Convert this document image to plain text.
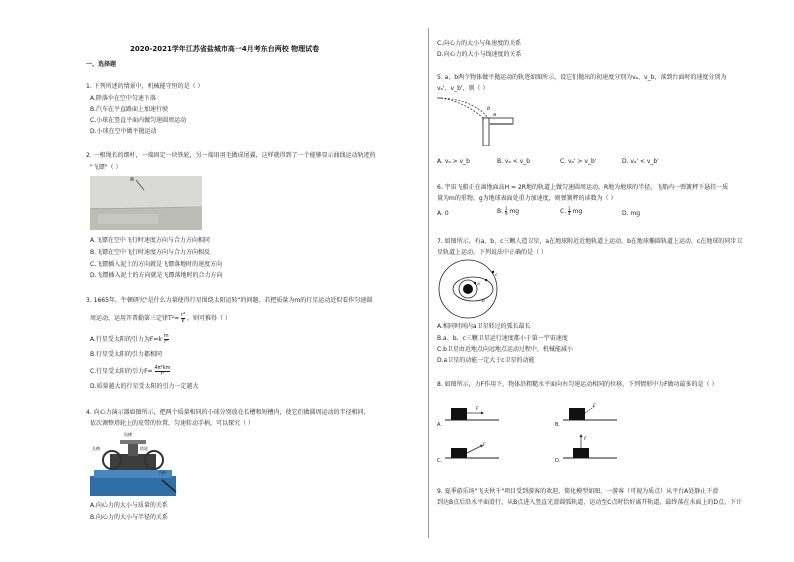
2020-2021学年江苏省盐城市高一4月考东台两校 物理试卷
一、选择题
1. 下列所述的情景中，机械能守恒的是（ ）
A.降落伞在空中匀速下落
B.汽车在平直路面上加速行驶
C.小球在竖直平面内做匀速圆周运动
D.小球在空中做平抛运动
2. 一根绳长的细杆，一端固定一块铁轮，另一端用羽毛做成尾翼，这样就得到了一个能够显示曲线运动轨迹的
"飞镖"（ ）
A.飞镖在空中飞行时速度方向与合力方向相同
B.飞镖在空中飞行时速度方向与合力方向相反
C.飞镖插入泥土的方向就是飞镖落地时的速度方向
D.飞镖插入泥土的方向就是飞镖落地时的合力方向
3. 1665年，牛顿研究"是什么力量使得行星围绕太阳运转"的问题。若把质量为m的行星运动近似看作匀速圆
周运动，运用开普勒第三定律$T^2= \frac{\text{r³}}{k}$ ，则可推得（ ）
A.行星受太阳的引力为$F=k \frac{m}{\text{r²}}$
B.行星受太阳的引力都相同
C.行星受太阳的引力$F= \frac{\text{4π²km}}{\text{r²}}$
D.质量越大的行星受太阳的引力一定越大
4. 向心力演示器如图所示，把两个质量相同的小球分别放在长槽和短槽内，使它们做圆周运动的半径相同，
依次调整塔轮上的皮带的位置，匀速转动手柄，可以探究（ ）
短槽
长槽	塔轮
手柄
A.向心力的大小与质量的关系
B.向心力的大小与半径的关系
C.向心力的大小与角速度的关系
D.向心力的大小与线速度的关系
5. a、b两个物体做平抛运动的轨迹如图所示，设它们抛出的初速度分别为vₐ、v_b，落到台面时的速度分别为
vₐ'、v_b'，则（ ）
a
b
A. vₐ > v_b	B. vₐ < v_b	C. vₐ' > v_b'	D. vₐ' < v_b'
6. 宇宙飞船正在离地面高H = 2R地的轨道上做匀速圆周运动，R地为地球的半径，飞船内一弹簧秤下悬挂一质
量为m的重物，g为地球表面处重力加速度，则弹簧秤的读数为（ ）
A. 0	B. $\frac{1}{9}$ mg	C. $\frac{1}{4}$ mg	D. mg
7. 如图所示，有a、b、c三颗人造卫星，a在地球附近近地轨道上运动，b在地球椭圆轨道上运动，c在地球的同步卫
星轨道上运动，下列说法中正确的是（ ）
a
b
c
A.相同时间内a卫星转过的弧长最长
B.a、b、c三颗卫星运行速度都小于第一宇宙速度
C.b卫星由近地点向远地点运动过程中，机械能减小
D.a卫星的动能一定大于c卫星的动能
8. 如图所示，力F作用下，物体沿粗糙水平面向右匀速运动相同的位移，下列情形中力F做功最多的是（ ）
F
A.
F
B.
F
C.
F
D.
9. 夏季游乐场"飞天秋千"项目受到游客的欢迎，简化模型如图，一游客（可视为质点）从平台A处静止下滑
到达B点后沿水平面滑行，从B点进入竖直光滑圆弧轨道，运动至C点时恰好离开轨道，最终落在水面上的D点，下计
